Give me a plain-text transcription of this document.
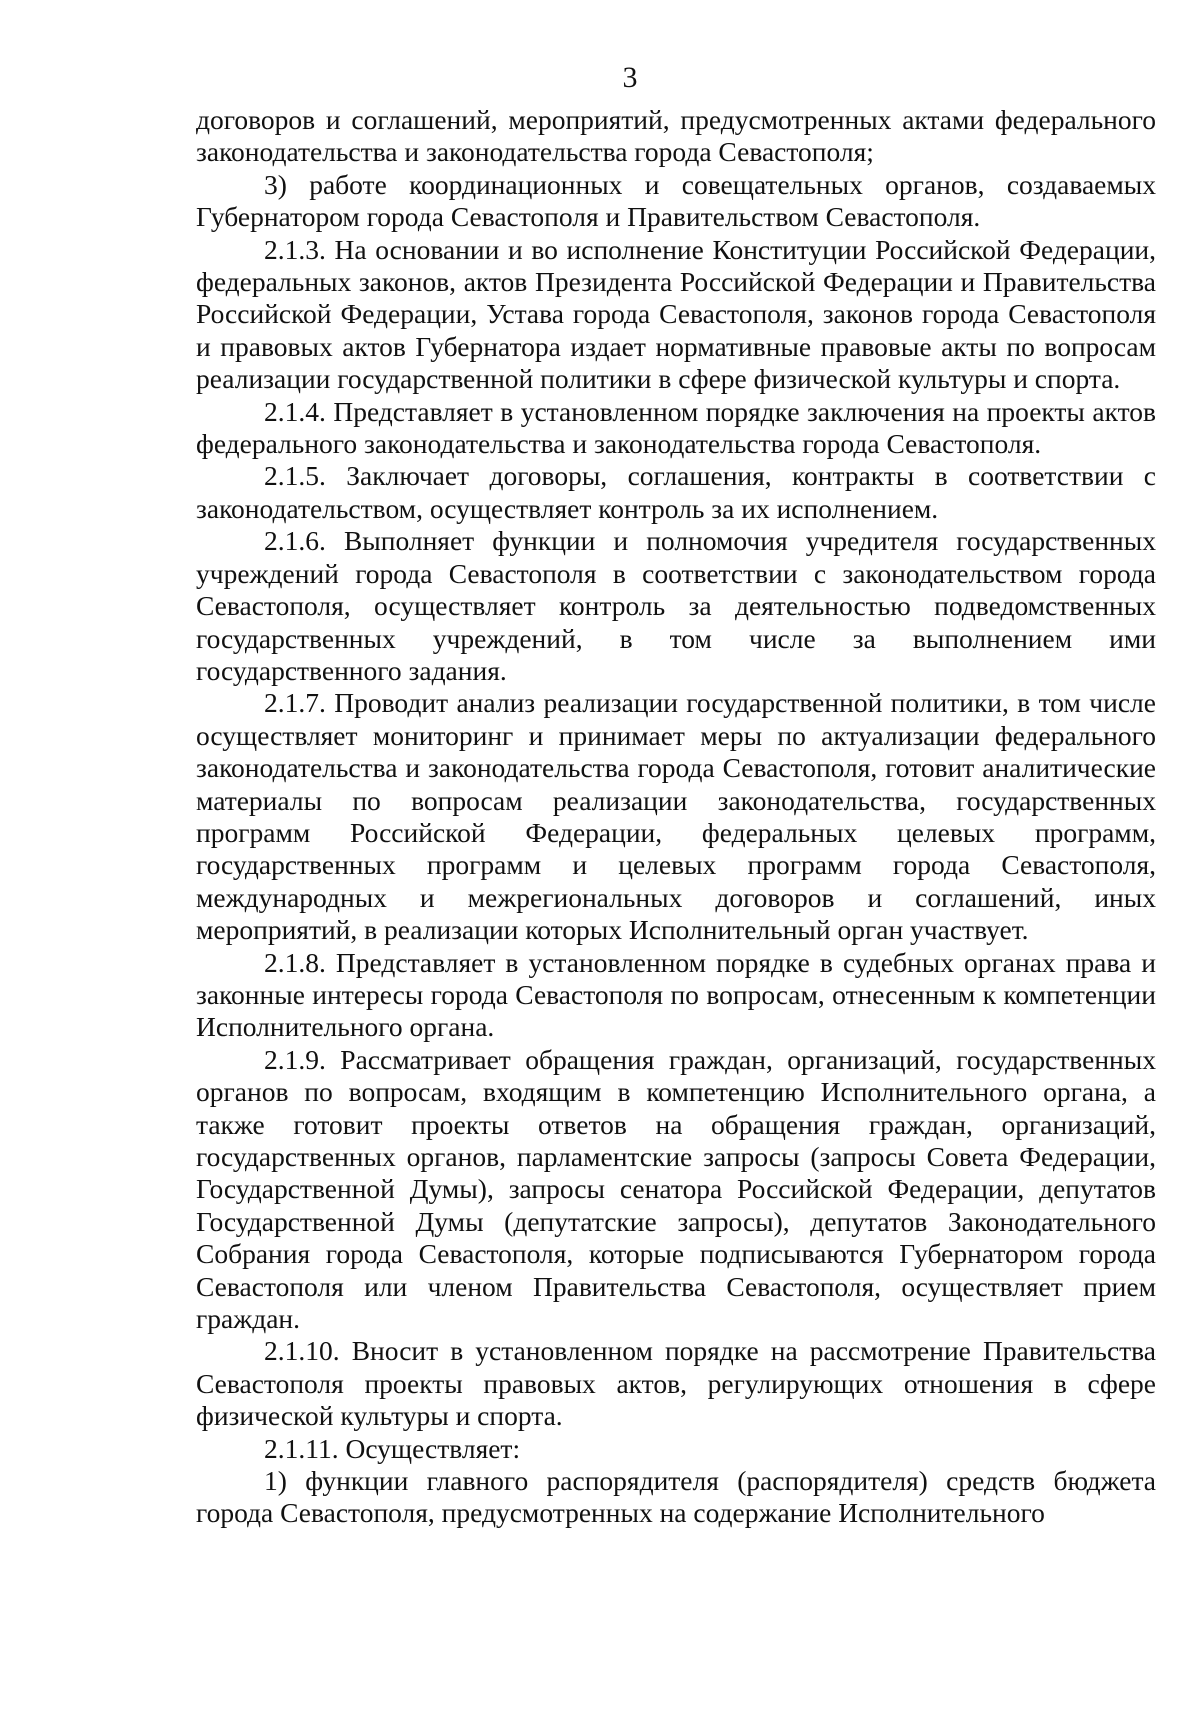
3

договоров и соглашений, мероприятий, предусмотренных актами федерального законодательства и законодательства города Севастополя;

3) работе координационных и совещательных органов, создаваемых Губернатором города Севастополя и Правительством Севастополя.

2.1.3. На основании и во исполнение Конституции Российской Федерации, федеральных законов, актов Президента Российской Федерации и Правительства Российской Федерации, Устава города Севастополя, законов города Севастополя и правовых актов Губернатора издает нормативные правовые акты по вопросам реализации государственной политики в сфере физической культуры и спорта.

2.1.4. Представляет в установленном порядке заключения на проекты актов федерального законодательства и законодательства города Севастополя.

2.1.5. Заключает договоры, соглашения, контракты в соответствии с законодательством, осуществляет контроль за их исполнением.

2.1.6. Выполняет функции и полномочия учредителя государственных учреждений города Севастополя в соответствии с законодательством города Севастополя, осуществляет контроль за деятельностью подведомственных государственных учреждений, в том числе за выполнением ими государственного задания.

2.1.7. Проводит анализ реализации государственной политики, в том числе осуществляет мониторинг и принимает меры по актуализации федерального законодательства и законодательства города Севастополя, готовит аналитические материалы по вопросам реализации законодательства, государственных программ Российской Федерации, федеральных целевых программ, государственных программ и целевых программ города Севастополя, международных и межрегиональных договоров и соглашений, иных мероприятий, в реализации которых Исполнительный орган участвует.

2.1.8. Представляет в установленном порядке в судебных органах права и законные интересы города Севастополя по вопросам, отнесенным к компетенции Исполнительного органа.

2.1.9. Рассматривает обращения граждан, организаций, государственных органов по вопросам, входящим в компетенцию Исполнительного органа, а также готовит проекты ответов на обращения граждан, организаций, государственных органов, парламентские запросы (запросы Совета Федерации, Государственной Думы), запросы сенатора Российской Федерации, депутатов Государственной Думы (депутатские запросы), депутатов Законодательного Собрания города Севастополя, которые подписываются Губернатором города Севастополя или членом Правительства Севастополя, осуществляет прием граждан.

2.1.10. Вносит в установленном порядке на рассмотрение Правительства Севастополя проекты правовых актов, регулирующих отношения в сфере физической культуры и спорта.

2.1.11. Осуществляет:

1) функции главного распорядителя (распорядителя) средств бюджета города Севастополя, предусмотренных на содержание Исполнительного
